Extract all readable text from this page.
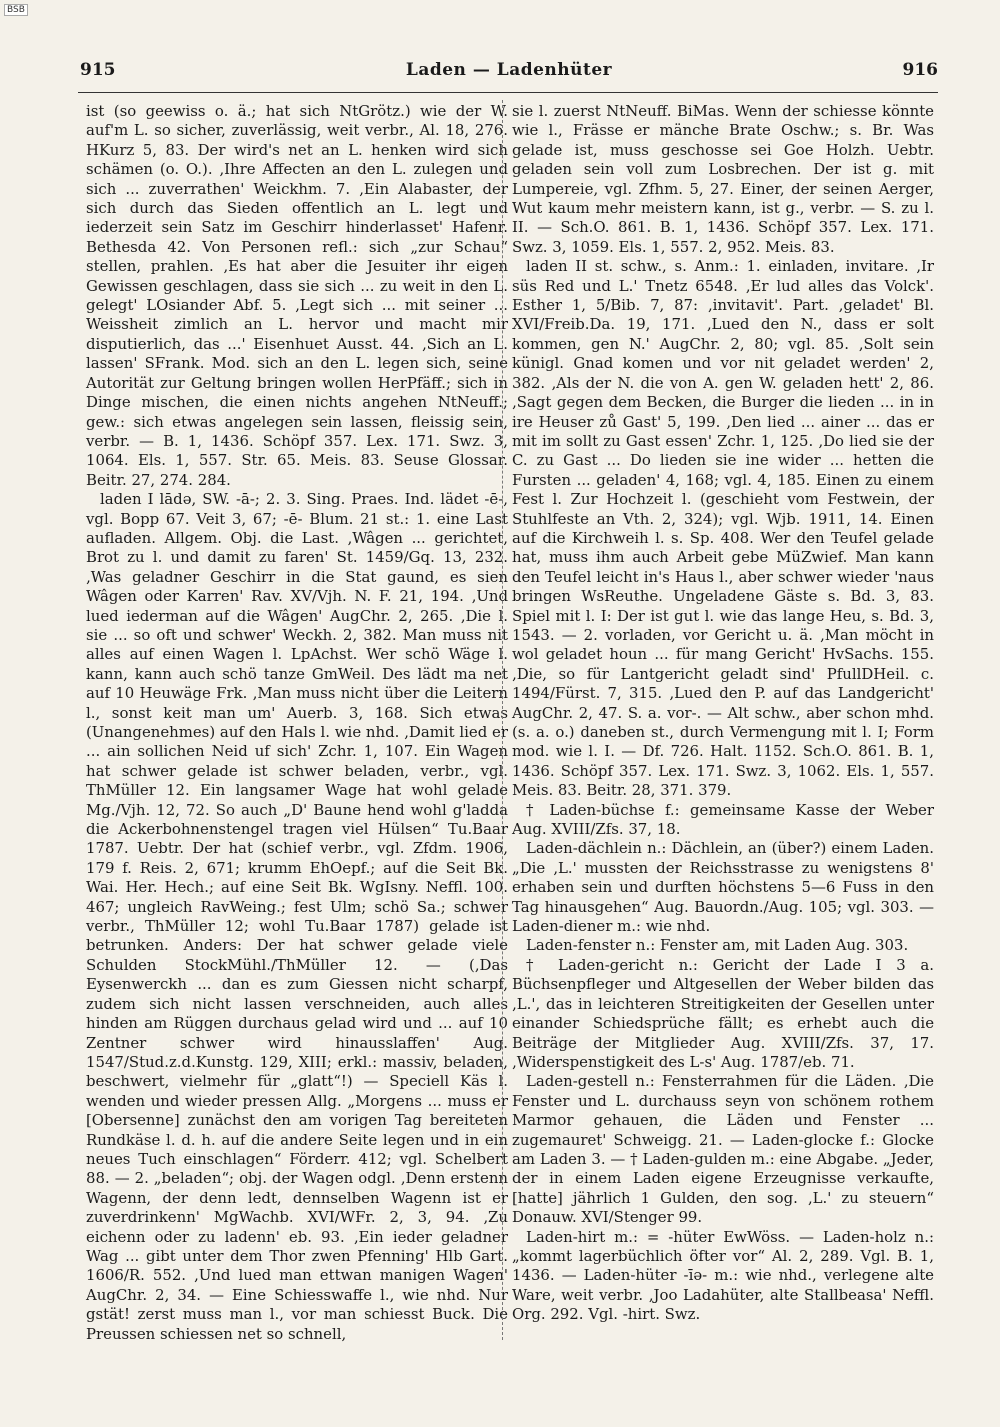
BSB
915	Laden — Ladenhüter	916

ist (so geewiss o. ä.; hat sich NtGrötz.) wie der W. auf'm L. so sicher, zuverlässig, weit verbr., Al. 18, 276. HKurz 5, 83. Der wird's net an L. henken wird sich schämen (o. O.). ‚Ihre Affecten an den L. zulegen und sich ... zuverrathen' Weickhm. 7. ‚Ein Alabaster, der sich durch das Sieden offentlich an L. legt und iederzeit sein Satz im Geschirr hinderlasset' Hafenr. Bethesda 42. Von Personen refl.: sich „zur Schau“ stellen, prahlen. ‚Es hat aber die Jesuiter ihr eigen Gewissen geschlagen, dass sie sich ... zu weit in den L. gelegt' LOsiander Abf. 5. ‚Legt sich ... mit seiner ... Weissheit zimlich an L. hervor und macht mir disputierlich, das ...' Eisenhuet Ausst. 44. ‚Sich an L. lassen' SFrank. Mod. sich an den L. legen sich, seine Autorität zur Geltung bringen wollen HerPfäff.; sich in Dinge mischen, die einen nichts angehen NtNeuff.; gew.: sich etwas angelegen sein lassen, fleissig sein, verbr. — B. 1, 1436. Schöpf 357. Lex. 171. Swz. 3, 1064. Els. 1, 557. Str. 65. Meis. 83. Seuse Glossar. Beitr. 27, 274. 284.

laden I lādə, SW. -ā-; 2. 3. Sing. Praes. Ind. lädet -ē-, vgl. Bopp 67. Veit 3, 67; -ē- Blum. 21 st.: 1. eine Last aufladen. Allgem. Obj. die Last. ‚Wâgen ... gerichtet, Brot zu l. und damit zu faren' St. 1459/Gq. 13, 232. ‚Was geladner Geschirr in die Stat gaund, es sien Wâgen oder Karren' Rav. XV/Vjh. N. F. 21, 194. ‚Und lued iederman auf die Wâgen' AugChr. 2, 265. ‚Die l. sie ... so oft und schwer' Weckh. 2, 382. Man muss nit alles auf einen Wagen l. LpAchst. Wer schö Wäge l. kann, kann auch schö tanze GmWeil. Des lädt ma net auf 10 Heuwäge Frk. ‚Man muss nicht über die Leitern l., sonst keit man um' Auerb. 3, 168. Sich etwas (Unangenehmes) auf den Hals l. wie nhd. ‚Damit lied er ... ain sollichen Neid uf sich' Zchr. 1, 107. Ein Wagen hat schwer gelade ist schwer beladen, verbr., vgl. ThMüller 12. Ein langsamer Wage hat wohl gelade Mg./Vjh. 12, 72. So auch „D' Baune hend wohl g'ladda die Ackerbohnenstengel tragen viel Hülsen“ Tu.Baar 1787. Uebtr. Der hat (schief verbr., vgl. Zfdm. 1906, 179 f. Reis. 2, 671; krumm EhOepf.; auf die Seit Bk. Wai. Her. Hech.; auf eine Seit Bk. WgIsny. Neffl. 100. 467; ungleich RavWeing.; fest Ulm; schö Sa.; schwer verbr., ThMüller 12; wohl Tu.Baar 1787) gelade ist betrunken. Anders: Der hat schwer gelade viele Schulden StockMühl./ThMüller 12. — (‚Das Eysenwerckh ... dan es zum Giessen nicht scharpf, zudem sich nicht lassen verschneiden, auch alles hinden am Rüggen durchaus gelad wird und ... auf 10 Zentner schwer wird hinausslaffen' Aug. 1547/Stud.z.d.Kunstg. 129, XIII; erkl.: massiv, beladen, beschwert, vielmehr für „glatt“!) — Speciell Käs l. wenden und wieder pressen Allg. „Morgens ... muss er [Obersenne] zunächst den am vorigen Tag bereiteten Rundkäse l. d. h. auf die andere Seite legen und in ein neues Tuch einschlagen“ Förderr. 412; vgl. Schelbert 88. — 2. „beladen“; obj. der Wagen odgl. ‚Denn erstenn Wagenn, der denn ledt, dennselben Wagenn ist er zuverdrinkenn' MgWachb. XVI/WFr. 2, 3, 94. ‚Zu eichenn oder zu ladenn' eb. 93. ‚Ein ieder geladner Wag ... gibt unter dem Thor zwen Pfenning' Hlb Gart. 1606/R. 552. ‚Und lued man ettwan manigen Wagen' AugChr. 2, 34. — Eine Schiesswaffe l., wie nhd. Nur gstät! zerst muss man l., vor man schiesst Buck. Die Preussen schiessen net so schnell,

sie l. zuerst NtNeuff. BiMas. Wenn der schiesse könnte wie l., Frässe er mänche Brate Oschw.; s. Br. Was gelade ist, muss geschosse sei Goe Holzh. Uebtr. geladen sein voll zum Losbrechen. Der ist g. mit Lumpereie, vgl. Zfhm. 5, 27. Einer, der seinen Aerger, Wut kaum mehr meistern kann, ist g., verbr. — S. zu l. II. — Sch.O. 861. B. 1, 1436. Schöpf 357. Lex. 171. Swz. 3, 1059. Els. 1, 557. 2, 952. Meis. 83.

laden II st. schw., s. Anm.: 1. einladen, invitare. ‚Ir süs Red und L.' Tnetz 6548. ‚Er lud alles das Volck'. Esther 1, 5/Bib. 7, 87: ‚invitavit'. Part. ‚geladet' Bl. XVI/Freib.Da. 19, 171. ‚Lued den N., dass er solt kommen, gen N.' AugChr. 2, 80; vgl. 85. ‚Solt sein künigl. Gnad komen und vor nit geladet werden' 2, 382. ‚Als der N. die von A. gen W. geladen hett' 2, 86. ‚Sagt gegen dem Becken, die Burger die lieden ... in in ire Heuser zů Gast' 5, 199. ‚Den lied ... ainer ... das er mit im sollt zu Gast essen' Zchr. 1, 125. ‚Do lied sie der C. zu Gast ... Do lieden sie ine wider ... hetten die Fursten ... geladen' 4, 168; vgl. 4, 185. Einen zu einem Fest l. Zur Hochzeit l. (geschieht vom Festwein, der Stuhlfeste an Vth. 2, 324); vgl. Wjb. 1911, 14. Einen auf die Kirchweih l. s. Sp. 408. Wer den Teufel gelade hat, muss ihm auch Arbeit gebe MüZwief. Man kann den Teufel leicht in's Haus l., aber schwer wieder 'naus bringen WsReuthe. Ungeladene Gäste s. Bd. 3, 83. Spiel mit l. I: Der ist gut l. wie das lange Heu, s. Bd. 3, 1543. — 2. vorladen, vor Gericht u. ä. ‚Man möcht in wol geladet houn ... für mang Gericht' HvSachs. 155. ‚Die, so für Lantgericht geladt sind' PfullDHeil. c. 1494/Fürst. 7, 315. ‚Lued den P. auf das Landgericht' AugChr. 2, 47. S. a. vor-. — Alt schw., aber schon mhd. (s. a. o.) daneben st., durch Vermengung mit l. I; Form mod. wie l. I. — Df. 726. Halt. 1152. Sch.O. 861. B. 1, 1436. Schöpf 357. Lex. 171. Swz. 3, 1062. Els. 1, 557. Meis. 83. Beitr. 28, 371. 379.

† Laden-büchse f.: gemeinsame Kasse der Weber Aug. XVIII/Zfs. 37, 18.

Laden-dächlein n.: Dächlein, an (über?) einem Laden. „Die ‚L.' mussten der Reichsstrasse zu wenigstens 8' erhaben sein und durften höchstens 5—6 Fuss in den Tag hinausgehen“ Aug. Bauordn./Aug. 105; vgl. 303. — Laden-diener m.: wie nhd.

Laden-fenster n.: Fenster am, mit Laden Aug. 303.

† Laden-gericht n.: Gericht der Lade I 3 a. Büchsenpfleger und Altgesellen der Weber bilden das ‚L.', das in leichteren Streitigkeiten der Gesellen unter einander Schiedsprüche fällt; es erhebt auch die Beiträge der Mitglieder Aug. XVIII/Zfs. 37, 17. ‚Widerspenstigkeit des L-s' Aug. 1787/eb. 71.

Laden-gestell n.: Fensterrahmen für die Läden. ‚Die Fenster und L. durchauss seyn von schönem rothem Marmor gehauen, die Läden und Fenster ... zugemauret' Schweigg. 21. — Laden-glocke f.: Glocke am Laden 3. — † Laden-gulden m.: eine Abgabe. „Jeder, der in einem Laden eigene Erzeugnisse verkaufte, [hatte] jährlich 1 Gulden, den sog. ‚L.' zu steuern“ Donauw. XVI/Stenger 99.

Laden-hirt m.: = -hüter EwWöss. — Laden-holz n.: „kommt lagerbüchlich öfter vor“ Al. 2, 289. Vgl. B. 1, 1436. — Laden-hüter -īə- m.: wie nhd., verlegene alte Ware, weit verbr. ‚Joo Ladahüter, alte Stallbeasa' Neffl. Org. 292. Vgl. -hirt. Swz.
